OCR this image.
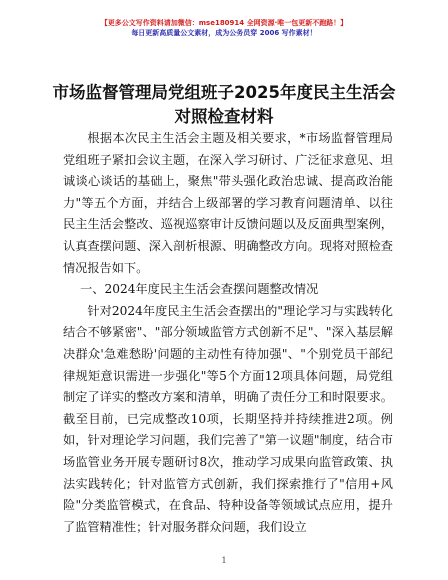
【更多公文写作资料请加微信：mse180914 全网资源·唯一包更新不跑路！】
每日更新高质量公文素材，成为公务员穿 2006 写作素材！
市场监督管理局党组班子2025年度民主生活会
对照检查材料

根据本次民主生活会主题及相关要求，*市场监督管理局党组班子紧扣会议主题，在深入学习研讨、广泛征求意见、坦诚谈心谈话的基础上，聚焦"带头强化政治忠诚、提高政治能力"等五个方面，并结合上级部署的学习教育问题清单、以往民主生活会整改、巡视巡察审计反馈问题以及反面典型案例，认真查摆问题、深入剖析根源、明确整改方向。现将对照检查情况报告如下。

一、2024年度民主生活会查摆问题整改情况

针对2024年度民主生活会查摆出的"理论学习与实践转化结合不够紧密"、"部分领域监管方式创新不足"、"深入基层解决群众'急难愁盼'问题的主动性有待加强"、"个别党员干部纪律规矩意识需进一步强化"等5个方面12项具体问题，局党组制定了详实的整改方案和清单，明确了责任分工和时限要求。截至目前，已完成整改10项，长期坚持并持续推进2项。例如，针对理论学习问题，我们完善了"第一议题"制度，结合市场监管业务开展专题研讨8次，推动学习成果向监管政策、执法实践转化；针对监管方式创新，我们探索推行了"信用+风险"分类监管模式，在食品、特种设备等领域试点应用，提升了监管精准性；针对服务群众问题，我们设立

1
